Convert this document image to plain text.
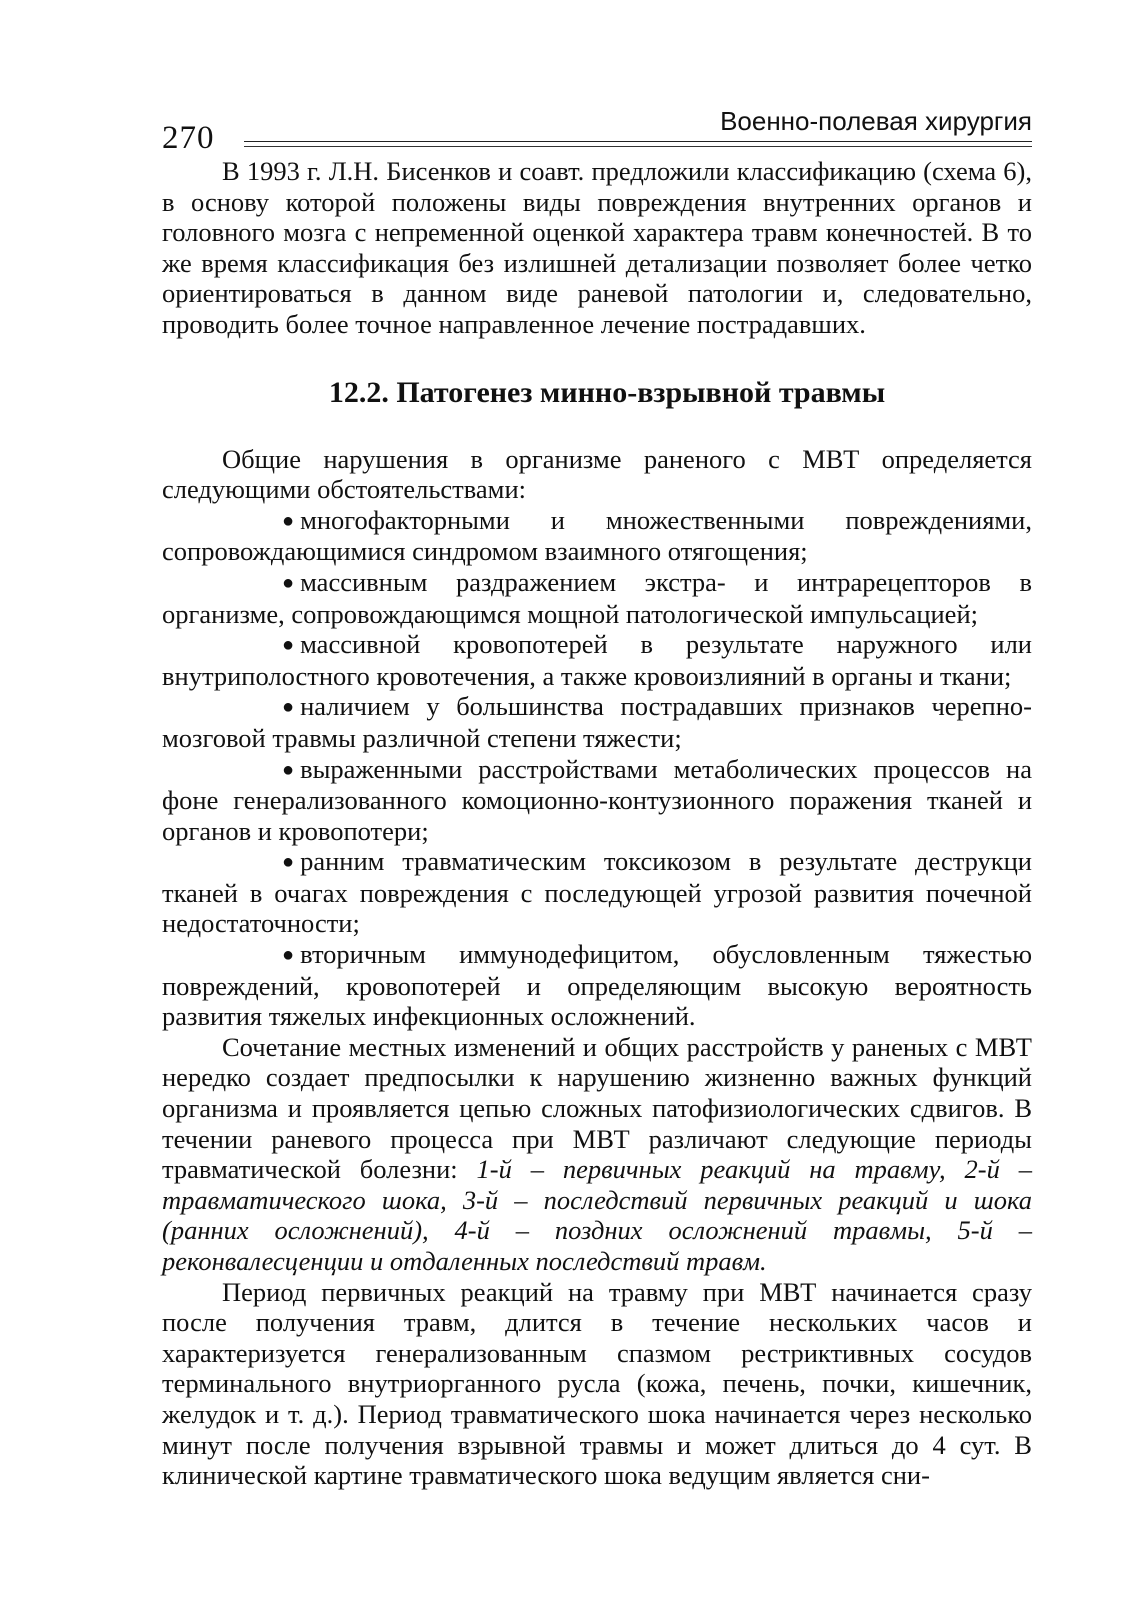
270	Военно-полевая хирургия

В 1993 г. Л.Н. Бисенков и соавт. предложили классификацию (схема 6), в основу которой положены виды повреждения внутренних органов и головного мозга с непременной оценкой характера травм конечностей. В то же время классификация без излишней детализации позволяет более четко ориентироваться в данном виде раневой патологии и, следовательно, проводить более точное направленное лечение пострадавших.

12.2. Патогенез минно-взрывной травмы

Общие нарушения в организме раненого с МВТ определяется следующими обстоятельствами:

● многофакторными и множественными повреждениями, сопровождающимися синдромом взаимного отягощения;
● массивным раздражением экстра- и интрарецепторов в организме, сопровождающимся мощной патологической импульсацией;
● массивной кровопотерей в результате наружного или внутриполостного кровотечения, а также кровоизлияний в органы и ткани;
● наличием у большинства пострадавших признаков черепно-мозговой травмы различной степени тяжести;
● выраженными расстройствами метаболических процессов на фоне генерализованного комоционно-контузионного поражения тканей и органов и кровопотери;
● ранним травматическим токсикозом в результате деструкци тканей в очагах повреждения с последующей угрозой развития почечной недостаточности;
● вторичным иммунодефицитом, обусловленным тяжестью повреждений, кровопотерей и определяющим высокую вероятность развития тяжелых инфекционных осложнений.

Сочетание местных изменений и общих расстройств у раненых с МВТ нередко создает предпосылки к нарушению жизненно важных функций организма и проявляется цепью сложных патофизиологических сдвигов. В течении раневого процесса при МВТ различают следующие периоды травматической болезни: 1-й – первичных реакций на травму, 2-й – травматического шока, 3-й – последствий первичных реакций и шока (ранних осложнений), 4-й – поздних осложнений травмы, 5-й – реконвалесценции и отдаленных последствий травм.

Период первичных реакций на травму при МВТ начинается сразу после получения травм, длится в течение нескольких часов и характеризуется генерализованным спазмом рестриктивных сосудов терминального внутриорганного русла (кожа, печень, почки, кишечник, желудок и т. д.). Период травматического шока начинается через несколько минут после получения взрывной травмы и может длиться до 4 сут. В клинической картине травматического шока ведущим является сни-
